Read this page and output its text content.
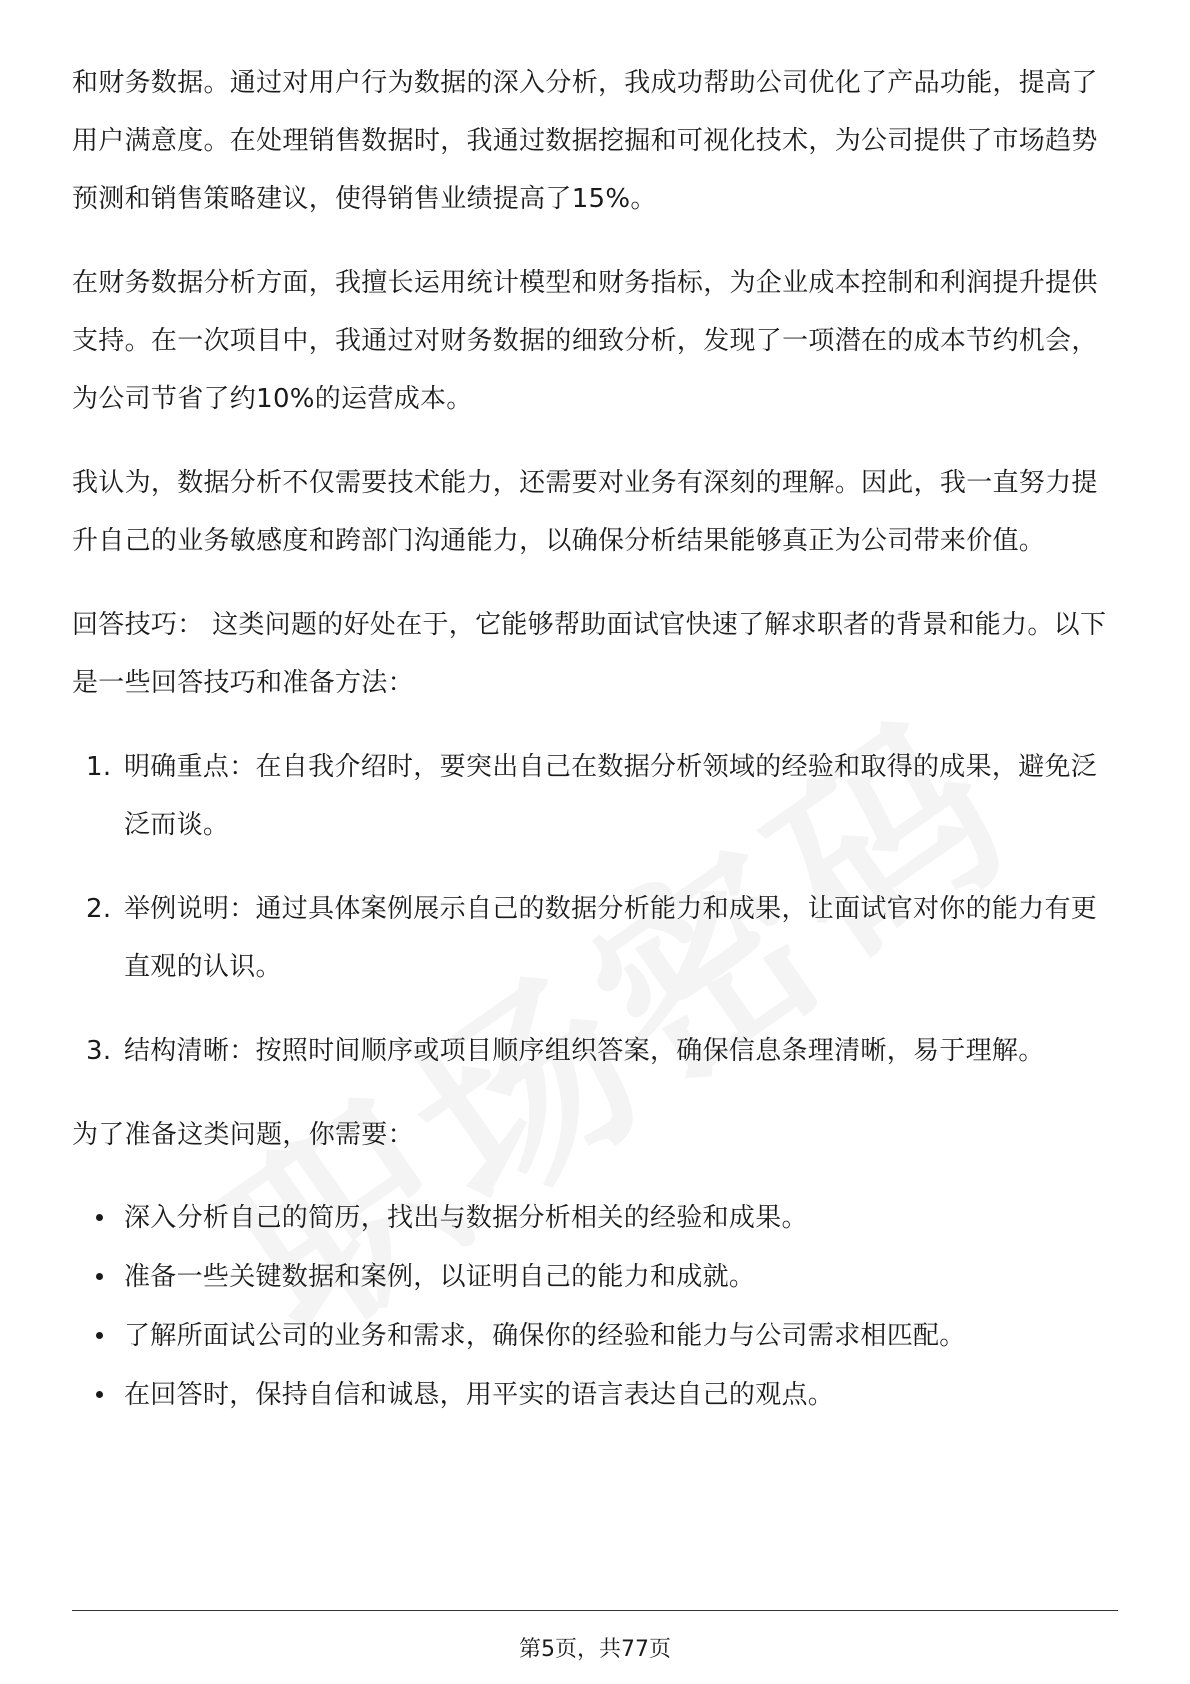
和财务数据。通过对用户行为数据的深入分析，我成功帮助公司优化了产品功能，提高了用户满意度。在处理销售数据时，我通过数据挖掘和可视化技术，为公司提供了市场趋势预测和销售策略建议，使得销售业绩提高了15%。

在财务数据分析方面，我擅长运用统计模型和财务指标，为企业成本控制和利润提升提供支持。在一次项目中，我通过对财务数据的细致分析，发现了一项潜在的成本节约机会，为公司节省了约10%的运营成本。

我认为，数据分析不仅需要技术能力，还需要对业务有深刻的理解。因此，我一直努力提升自己的业务敏感度和跨部门沟通能力，以确保分析结果能够真正为公司带来价值。

回答技巧： 这类问题的好处在于，它能够帮助面试官快速了解求职者的背景和能力。以下是一些回答技巧和准备方法：

1. 明确重点：在自我介绍时，要突出自己在数据分析领域的经验和取得的成果，避免泛泛而谈。
2. 举例说明：通过具体案例展示自己的数据分析能力和成果，让面试官对你的能力有更直观的认识。
3. 结构清晰：按照时间顺序或项目顺序组织答案，确保信息条理清晰，易于理解。

为了准备这类问题，你需要：

深入分析自己的简历，找出与数据分析相关的经验和成果。
准备一些关键数据和案例，以证明自己的能力和成就。
了解所面试公司的业务和需求，确保你的经验和能力与公司需求相匹配。
在回答时，保持自信和诚恳，用平实的语言表达自己的观点。
第5页，共77页
